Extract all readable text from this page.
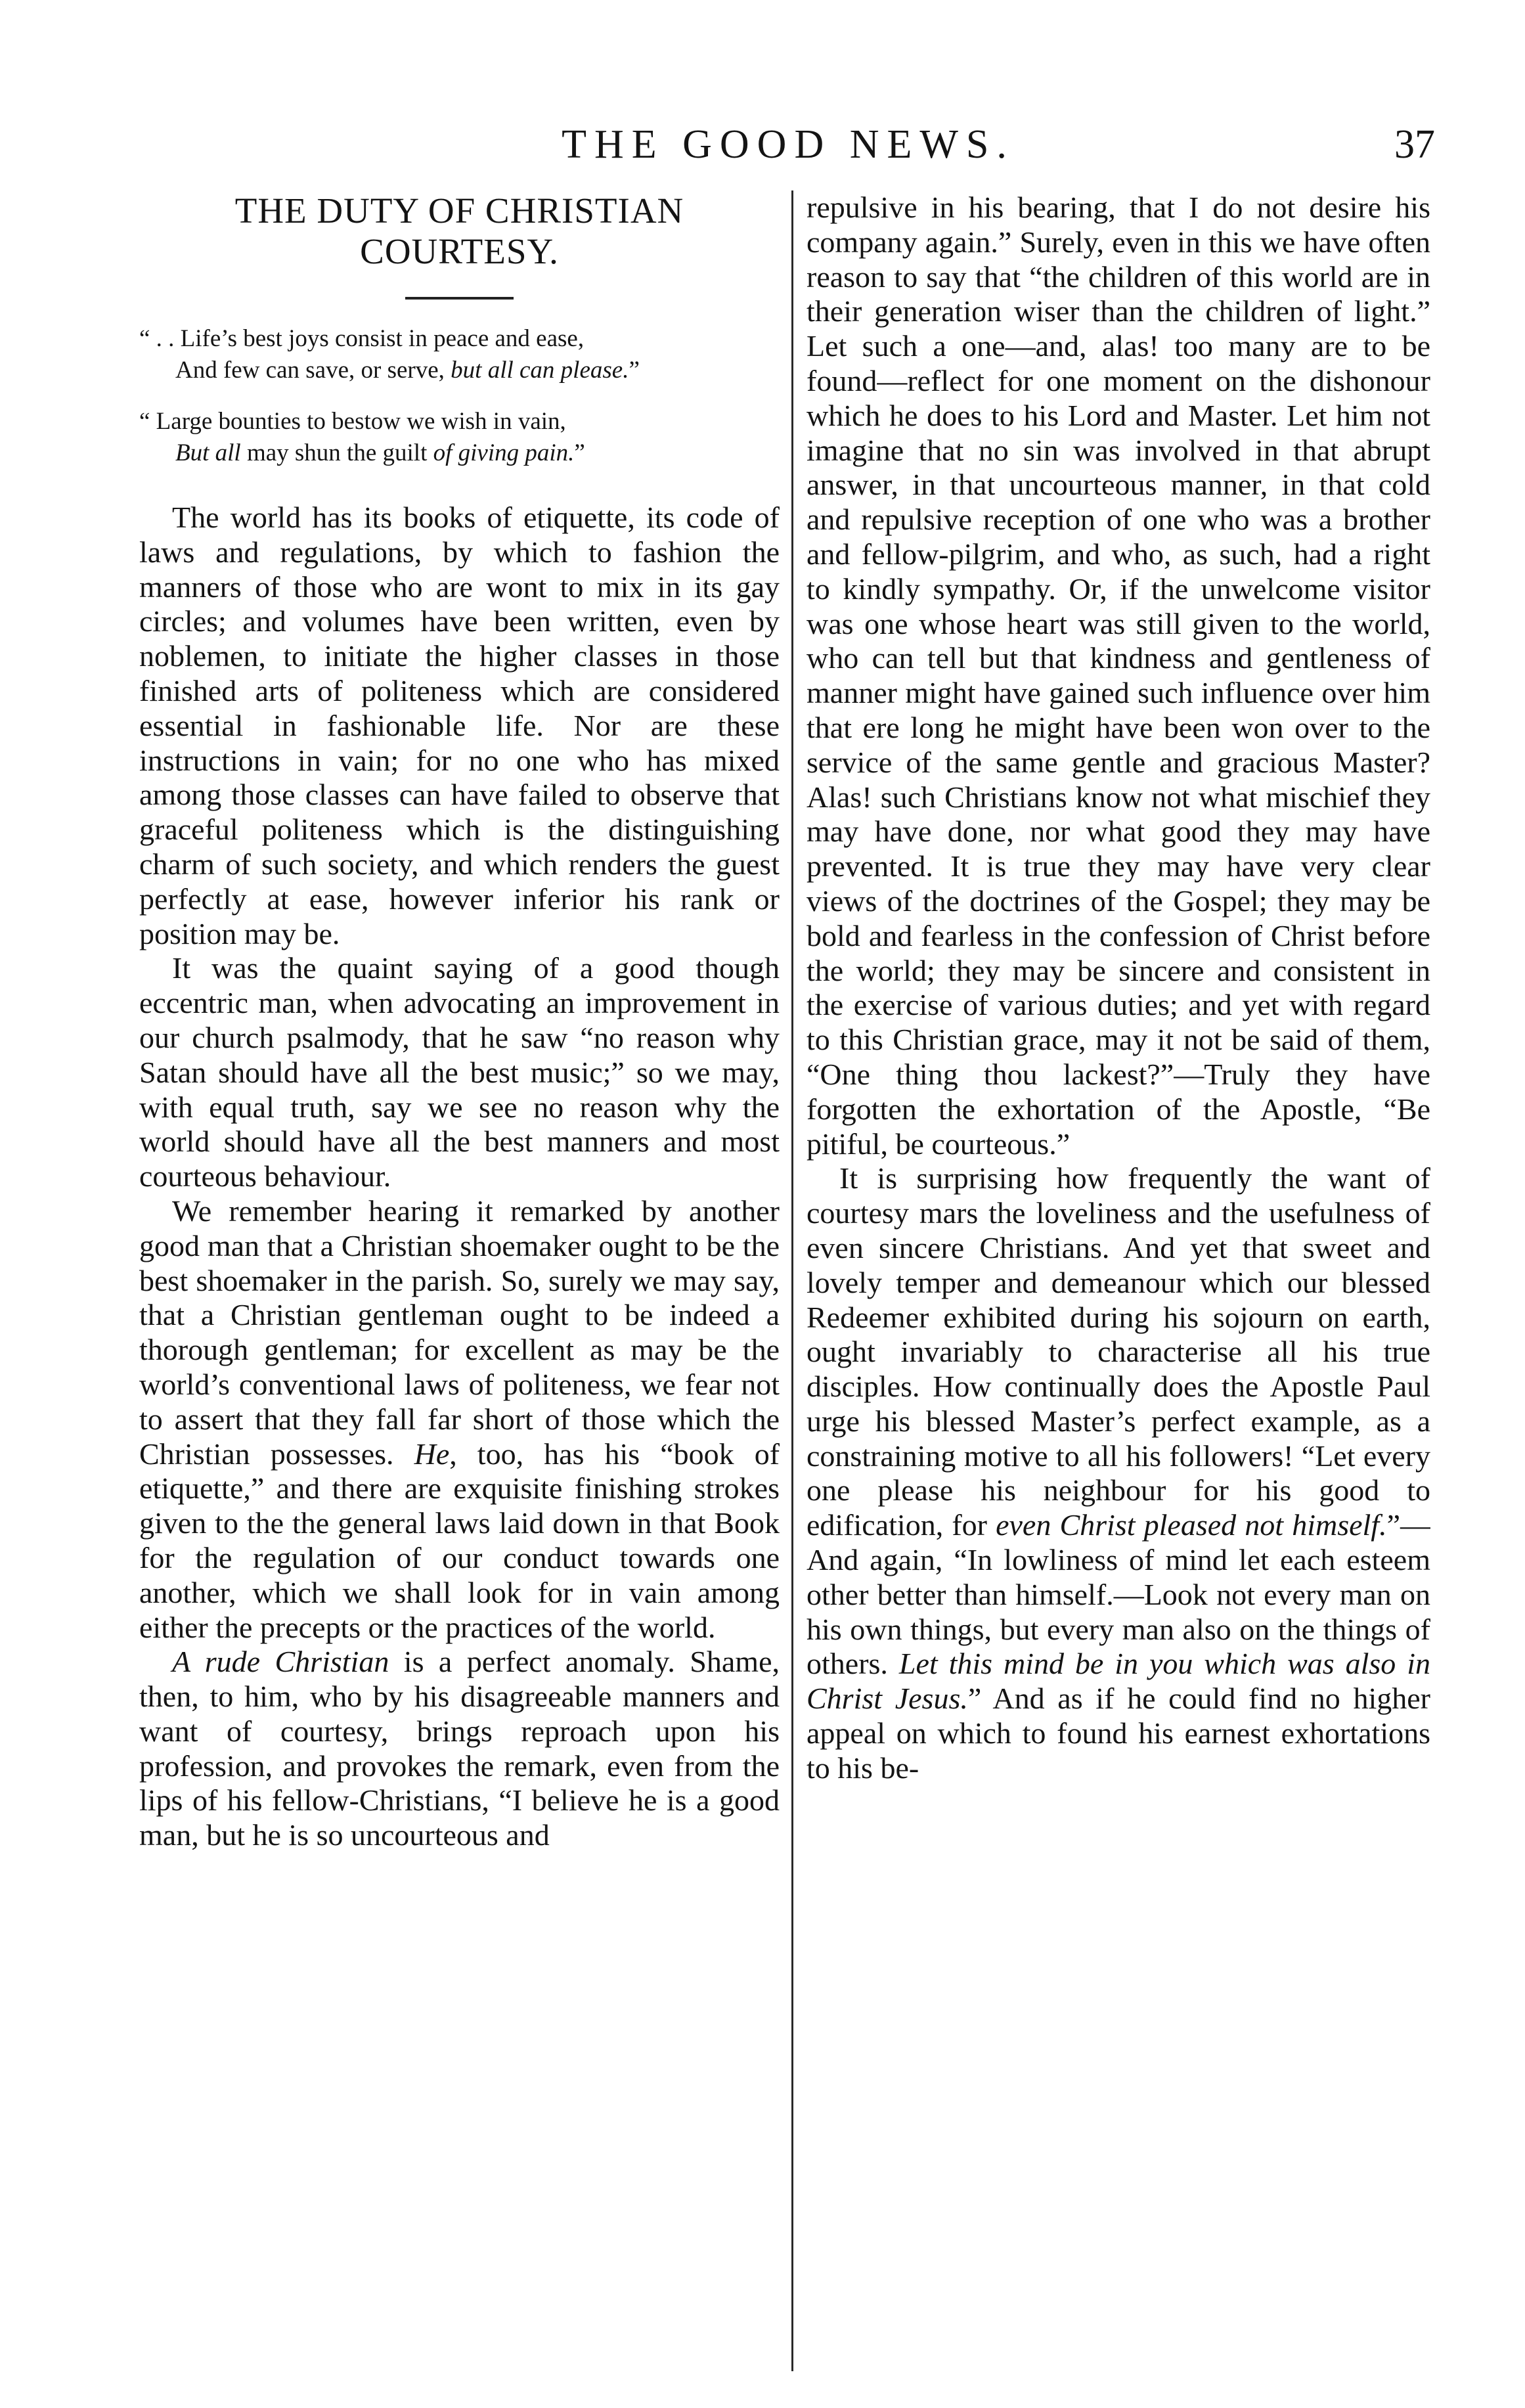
THE GOOD NEWS.	37
THE DUTY OF CHRISTIAN
COURTESY.
“ . . Life’s best joys consist in peace and ease,
And few can save, or serve, but all can please.”
“ Large bounties to bestow we wish in vain,
But all may shun the guilt of giving pain.”

The world has its books of etiquette, its code of laws and regulations, by which to fashion the manners of those who are wont to mix in its gay circles; and volumes have been written, even by noblemen, to initiate the higher classes in those finished arts of politeness which are considered essential in fashionable life. Nor are these instructions in vain; for no one who has mixed among those classes can have failed to observe that graceful politeness which is the distinguishing charm of such society, and which renders the guest perfectly at ease, however inferior his rank or position may be.

It was the quaint saying of a good though eccentric man, when advocating an improvement in our church psalmody, that he saw “no reason why Satan should have all the best music;” so we may, with equal truth, say we see no reason why the world should have all the best manners and most courteous behaviour.

We remember hearing it remarked by another good man that a Christian shoemaker ought to be the best shoemaker in the parish. So, surely we may say, that a Christian gentleman ought to be indeed a thorough gentleman; for excellent as may be the world’s conventional laws of politeness, we fear not to assert that they fall far short of those which the Christian possesses. He, too, has his “book of etiquette,” and there are exquisite finishing strokes given to the the general laws laid down in that Book for the regulation of our conduct towards one another, which we shall look for in vain among either the precepts or the practices of the world.

A rude Christian is a perfect anomaly. Shame, then, to him, who by his disagreeable manners and want of courtesy, brings reproach upon his profession, and provokes the remark, even from the lips of his fellow-Christians, “I believe he is a good man, but he is so uncourteous and

repulsive in his bearing, that I do not desire his company again.” Surely, even in this we have often reason to say that “the children of this world are in their generation wiser than the children of light.” Let such a one—and, alas! too many are to be found—reflect for one moment on the dishonour which he does to his Lord and Master. Let him not imagine that no sin was involved in that abrupt answer, in that uncourteous manner, in that cold and repulsive reception of one who was a brother and fellow-pilgrim, and who, as such, had a right to kindly sympathy. Or, if the unwelcome visitor was one whose heart was still given to the world, who can tell but that kindness and gentleness of manner might have gained such influence over him that ere long he might have been won over to the service of the same gentle and gracious Master? Alas! such Christians know not what mischief they may have done, nor what good they may have prevented. It is true they may have very clear views of the doctrines of the Gospel; they may be bold and fearless in the confession of Christ before the world; they may be sincere and consistent in the exercise of various duties; and yet with regard to this Christian grace, may it not be said of them, “One thing thou lackest?”—Truly they have forgotten the exhortation of the Apostle, “Be pitiful, be courteous.”

It is surprising how frequently the want of courtesy mars the loveliness and the usefulness of even sincere Christians. And yet that sweet and lovely temper and demeanour which our blessed Redeemer exhibited during his sojourn on earth, ought invariably to characterise all his true disciples. How continually does the Apostle Paul urge his blessed Master’s perfect example, as a constraining motive to all his followers! “Let every one please his neighbour for his good to edification, for even Christ pleased not himself.”—And again, “In lowliness of mind let each esteem other better than himself.—Look not every man on his own things, but every man also on the things of others. Let this mind be in you which was also in Christ Jesus.” And as if he could find no higher appeal on which to found his earnest exhortations to his be-
